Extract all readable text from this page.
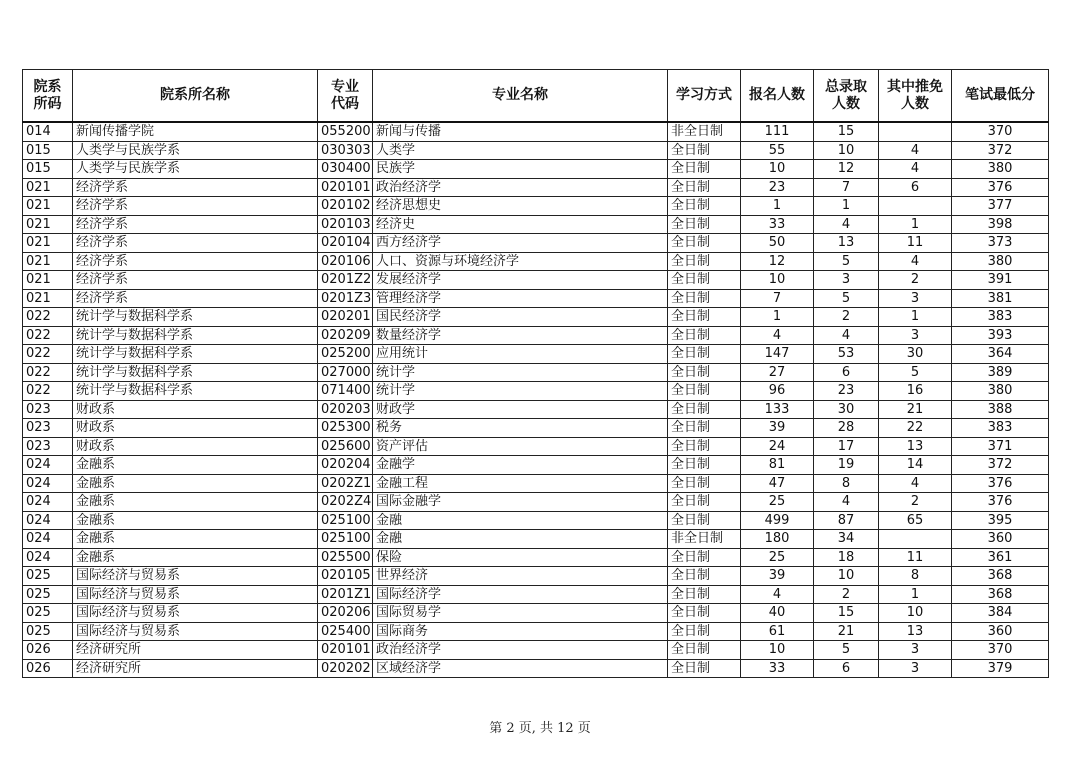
院系所码	院系所名称	专业代码	专业名称	学习方式	报名人数	总录取人数	其中推免人数	笔试最低分
014	新闻传播学院	055200	新闻与传播	非全日制	111	15		370
015	人类学与民族学系	030303	人类学	全日制	55	10	4	372
015	人类学与民族学系	030400	民族学	全日制	10	12	4	380
021	经济学系	020101	政治经济学	全日制	23	7	6	376
021	经济学系	020102	经济思想史	全日制	1	1		377
021	经济学系	020103	经济史	全日制	33	4	1	398
021	经济学系	020104	西方经济学	全日制	50	13	11	373
021	经济学系	020106	人口、资源与环境经济学	全日制	12	5	4	380
021	经济学系	0201Z2	发展经济学	全日制	10	3	2	391
021	经济学系	0201Z3	管理经济学	全日制	7	5	3	381
022	统计学与数据科学系	020201	国民经济学	全日制	1	2	1	383
022	统计学与数据科学系	020209	数量经济学	全日制	4	4	3	393
022	统计学与数据科学系	025200	应用统计	全日制	147	53	30	364
022	统计学与数据科学系	027000	统计学	全日制	27	6	5	389
022	统计学与数据科学系	071400	统计学	全日制	96	23	16	380
023	财政系	020203	财政学	全日制	133	30	21	388
023	财政系	025300	税务	全日制	39	28	22	383
023	财政系	025600	资产评估	全日制	24	17	13	371
024	金融系	020204	金融学	全日制	81	19	14	372
024	金融系	0202Z1	金融工程	全日制	47	8	4	376
024	金融系	0202Z4	国际金融学	全日制	25	4	2	376
024	金融系	025100	金融	全日制	499	87	65	395
024	金融系	025100	金融	非全日制	180	34		360
024	金融系	025500	保险	全日制	25	18	11	361
025	国际经济与贸易系	020105	世界经济	全日制	39	10	8	368
025	国际经济与贸易系	0201Z1	国际经济学	全日制	4	2	1	368
025	国际经济与贸易系	020206	国际贸易学	全日制	40	15	10	384
025	国际经济与贸易系	025400	国际商务	全日制	61	21	13	360
026	经济研究所	020101	政治经济学	全日制	10	5	3	370
026	经济研究所	020202	区域经济学	全日制	33	6	3	379
第 2 页, 共 12 页
